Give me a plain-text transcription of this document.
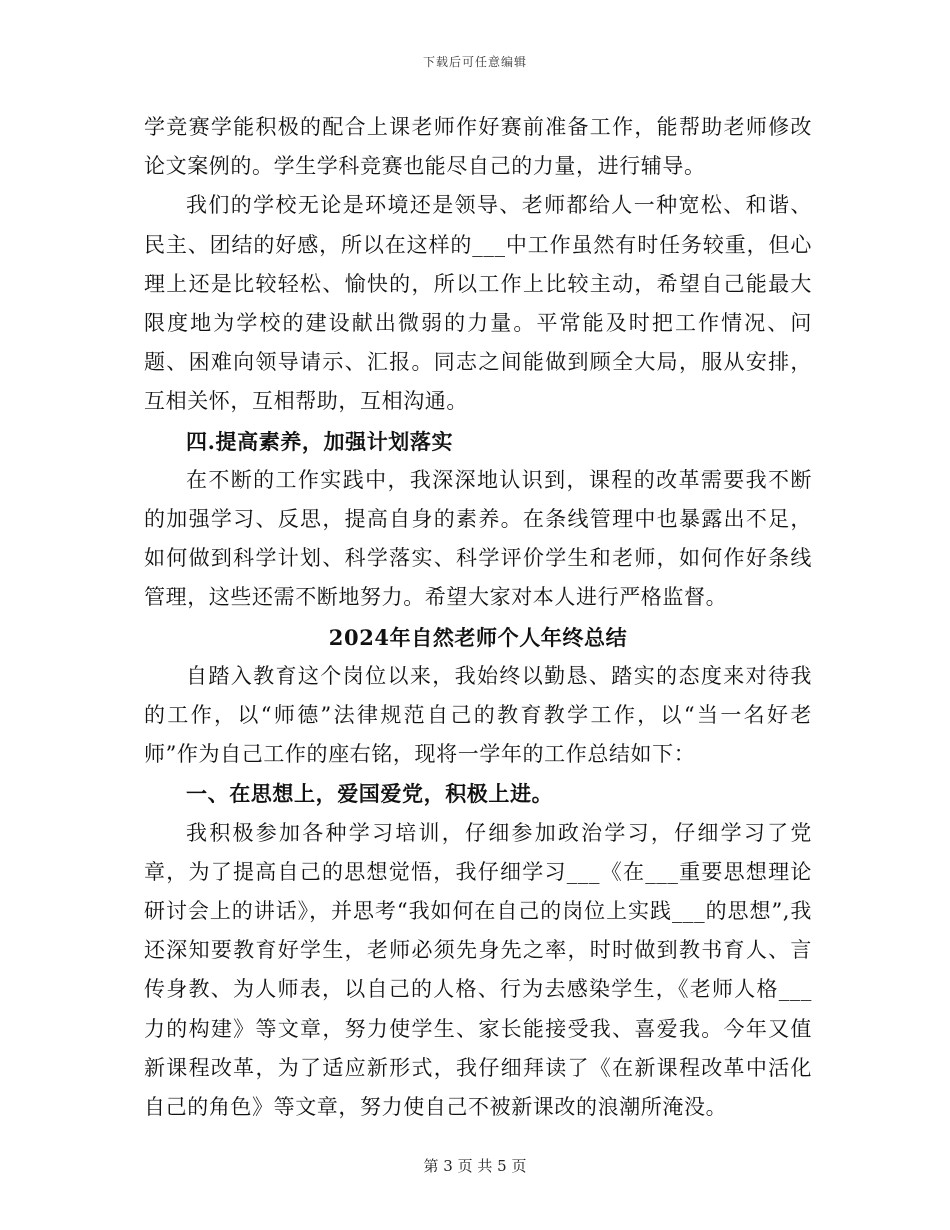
下载后可任意编辑

学竞赛学能积极的配合上课老师作好赛前准备工作，能帮助老师修改论文案例的。学生学科竞赛也能尽自己的力量，进行辅导。

我们的学校无论是环境还是领导、老师都给人一种宽松、和谐、民主、团结的好感，所以在这样的___中工作虽然有时任务较重，但心理上还是比较轻松、愉快的，所以工作上比较主动，希望自己能最大限度地为学校的建设献出微弱的力量。平常能及时把工作情况、问题、困难向领导请示、汇报。同志之间能做到顾全大局，服从安排，互相关怀，互相帮助，互相沟通。

四.提高素养，加强计划落实

在不断的工作实践中，我深深地认识到，课程的改革需要我不断的加强学习、反思，提高自身的素养。在条线管理中也暴露出不足，如何做到科学计划、科学落实、科学评价学生和老师，如何作好条线管理，这些还需不断地努力。希望大家对本人进行严格监督。

2024年自然老师个人年终总结

自踏入教育这个岗位以来，我始终以勤恳、踏实的态度来对待我的工作，以“师德”法律规范自己的教育教学工作，以“当一名好老师”作为自己工作的座右铭，现将一学年的工作总结如下：

一、在思想上，爱国爱党，积极上进。

我积极参加各种学习培训，仔细参加政治学习，仔细学习了党章，为了提高自己的思想觉悟，我仔细学习___《在___重要思想理论研讨会上的讲话》，并思考“我如何在自己的岗位上实践___的思想”,我还深知要教育好学生，老师必须先身先之率，时时做到教书育人、言传身教、为人师表，以自己的人格、行为去感染学生，《老师人格___力的构建》等文章，努力使学生、家长能接受我、喜爱我。今年又值新课程改革，为了适应新形式，我仔细拜读了《在新课程改革中活化自己的角色》等文章，努力使自己不被新课改的浪潮所淹没。

第 3 页 共 5 页
